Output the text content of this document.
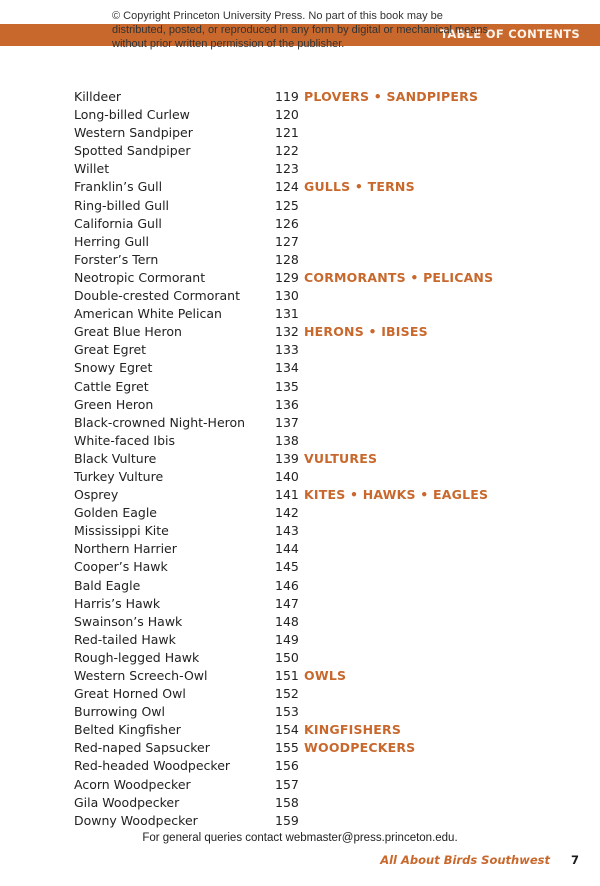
TABLE OF CONTENTS
© Copyright Princeton University Press. No part of this book may be distributed, posted, or reproduced in any form by digital or mechanical means without prior written permission of the publisher.
Killdeer	119 PLOVERS • SANDPIPERS
Long-billed Curlew	120
Western Sandpiper	121
Spotted Sandpiper	122
Willet	123
Franklin’s Gull	124 GULLS • TERNS
Ring-billed Gull	125
California Gull	126
Herring Gull	127
Forster’s Tern	128
Neotropic Cormorant	129 CORMORANTS • PELICANS
Double-crested Cormorant	130
American White Pelican	131
Great Blue Heron	132 HERONS • IBISES
Great Egret	133
Snowy Egret	134
Cattle Egret	135
Green Heron	136
Black-crowned Night-Heron 137
White-faced Ibis	138
Black Vulture	139 VULTURES
Turkey Vulture	140
Osprey	141 KITES • HAWKS • EAGLES
Golden Eagle	142
Mississippi Kite	143
Northern Harrier	144
Cooper’s Hawk	145
Bald Eagle	146
Harris’s Hawk	147
Swainson’s Hawk	148
Red-tailed Hawk	149
Rough-legged Hawk	150
Western Screech-Owl	151 OWLS
Great Horned Owl	152
Burrowing Owl	153
Belted Kingfisher	154 KINGFISHERS
Red-naped Sapsucker	155 WOODPECKERS
Red-headed Woodpecker	156
Acorn Woodpecker	157
Gila Woodpecker	158
Downy Woodpecker	159
For general queries contact webmaster@press.princeton.edu.
All About Birds Southwest 7
